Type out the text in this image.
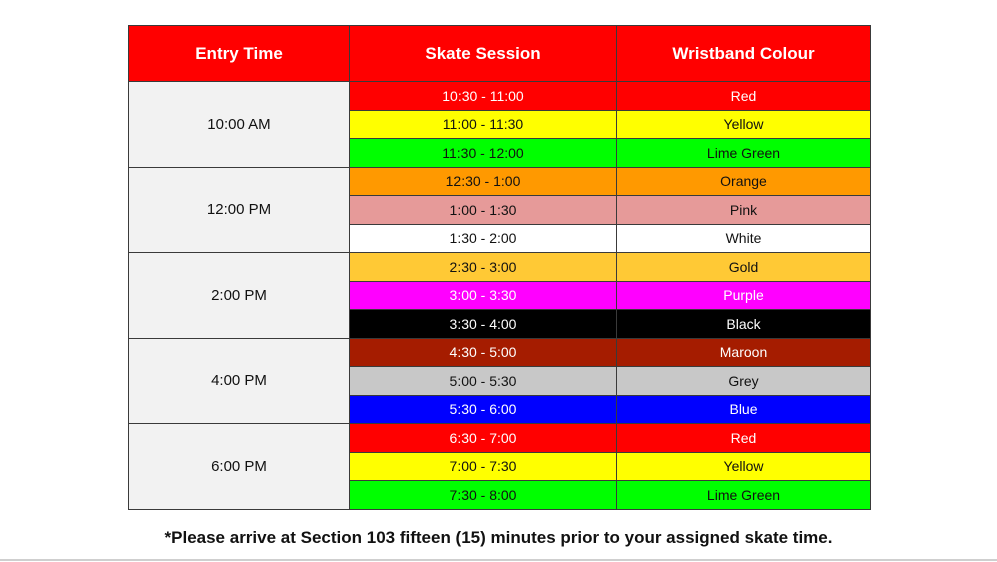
Entry Time	Skate Session	Wristband Colour
10:00 AM	10:30 - 11:00	Red
	11:00 - 11:30	Yellow
	11:30 - 12:00	Lime Green
12:00 PM	12:30 - 1:00	Orange
	1:00 - 1:30	Pink
	1:30 - 2:00	White
2:00 PM	2:30 - 3:00	Gold
	3:00 - 3:30	Purple
	3:30 - 4:00	Black
4:00 PM	4:30 - 5:00	Maroon
	5:00 - 5:30	Grey
	5:30 - 6:00	Blue
6:00 PM	6:30 - 7:00	Red
	7:00 - 7:30	Yellow
	7:30 - 8:00	Lime Green
*Please arrive at Section 103 fifteen (15) minutes prior to your assigned skate time.
